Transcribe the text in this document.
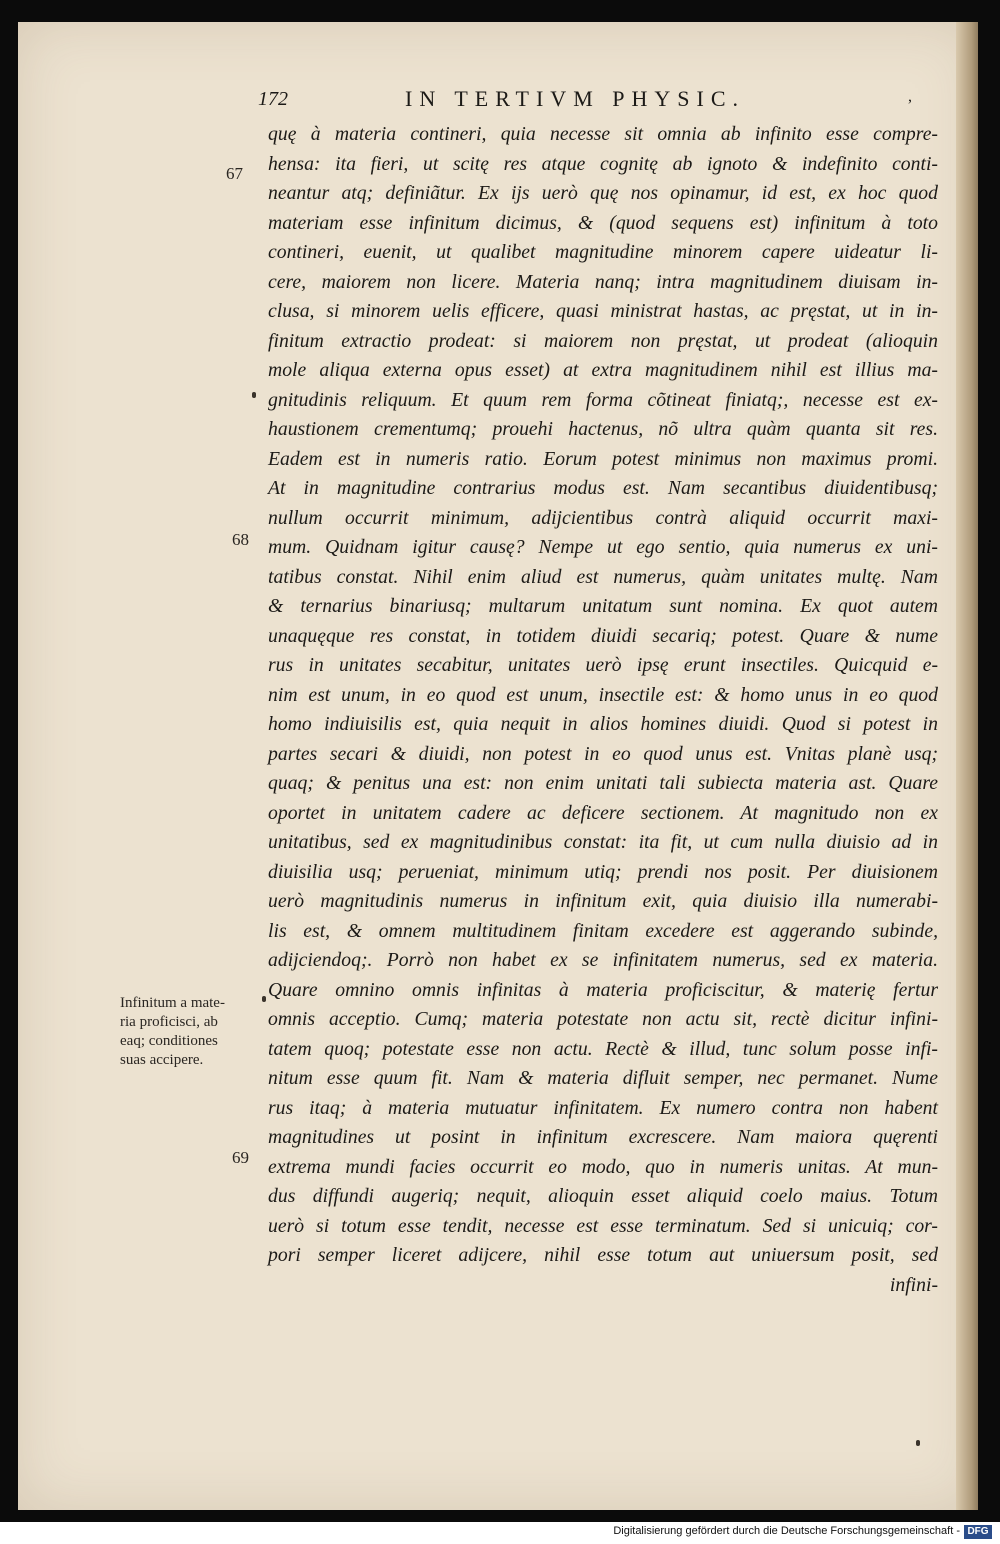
172	IN TERTIVM PHYSIC.	,
quę à materia contineri, quia necesse sit omnia ab infinito esse compre-
hensa: ita fieri, ut scitę res atque cognitę ab ignoto & indefinito conti-
neantur atq; definiãtur. Ex ijs uerò quę nos opinamur, id est, ex hoc quod
materiam esse infinitum dicimus, & (quod sequens est) infinitum à toto
contineri, euenit, ut qualibet magnitudine minorem capere uideatur li-
cere, maiorem non licere. Materia nanq; intra magnitudinem diuisam in-
clusa, si minorem uelis efficere, quasi ministrat hastas, ac pręstat, ut in in-
finitum extractio prodeat: si maiorem non pręstat, ut prodeat (alioquin
mole aliqua externa opus esset) at extra magnitudinem nihil est illius ma-
gnitudinis reliquum. Et quum rem forma cõtineat finiatq;, necesse est ex-
haustionem crementumq; prouehi hactenus, nõ ultra quàm quanta sit res.
Eadem est in numeris ratio. Eorum potest minimus non maximus promi.
At in magnitudine contrarius modus est. Nam secantibus diuidentibusq;
nullum occurrit minimum, adijcientibus contrà aliquid occurrit maxi-
mum. Quidnam igitur causę? Nempe ut ego sentio, quia numerus ex uni-
tatibus constat. Nihil enim aliud est numerus, quàm unitates multę. Nam
& ternarius binariusq; multarum unitatum sunt nomina. Ex quot autem
unaquęque res constat, in totidem diuidi secariq; potest. Quare & nume
rus in unitates secabitur, unitates uerò ipsę erunt insectiles. Quicquid e-
nim est unum, in eo quod est unum, insectile est: & homo unus in eo quod
homo indiuisilis est, quia nequit in alios homines diuidi. Quod si potest in
partes secari & diuidi, non potest in eo quod unus est. Vnitas planè usq;
quaq; & penitus una est: non enim unitati tali subiecta materia ast. Quare
oportet in unitatem cadere ac deficere sectionem. At magnitudo non ex
unitatibus, sed ex magnitudinibus constat: ita fit, ut cum nulla diuisio ad in
diuisilia usq; perueniat, minimum utiq; prendi nos posit. Per diuisionem
uerò magnitudinis numerus in infinitum exit, quia diuisio illa numerabi-
lis est, & omnem multitudinem finitam excedere est aggerando subinde,
adijciendoq;. Porrò non habet ex se infinitatem numerus, sed ex materia.
Quare omnino omnis infinitas à materia proficiscitur, & materię fertur
omnis acceptio. Cumq; materia potestate non actu sit, rectè dicitur infini-
tatem quoq; potestate esse non actu. Rectè & illud, tunc solum posse infi-
nitum esse quum fit. Nam & materia difluit semper, nec permanet. Nume
rus itaq; à materia mutuatur infinitatem. Ex numero contra non habent
magnitudines ut posint in infinitum excrescere. Nam maiora quęrenti
extrema mundi facies occurrit eo modo, quo in numeris unitas. At mun-
dus diffundi augeriq; nequit, alioquin esset aliquid coelo maius. Totum
uerò si totum esse tendit, necesse est esse terminatum. Sed si unicuiq; cor-
pori semper liceret adijcere, nihil esse totum aut uniuersum posit, sed
infini-
67
68
69
Infinitum a mate-
ria proficisci, ab
eaq; conditiones
suas accipere.
Digitalisierung gefördert durch die Deutsche Forschungsgemeinschaft - DFG
